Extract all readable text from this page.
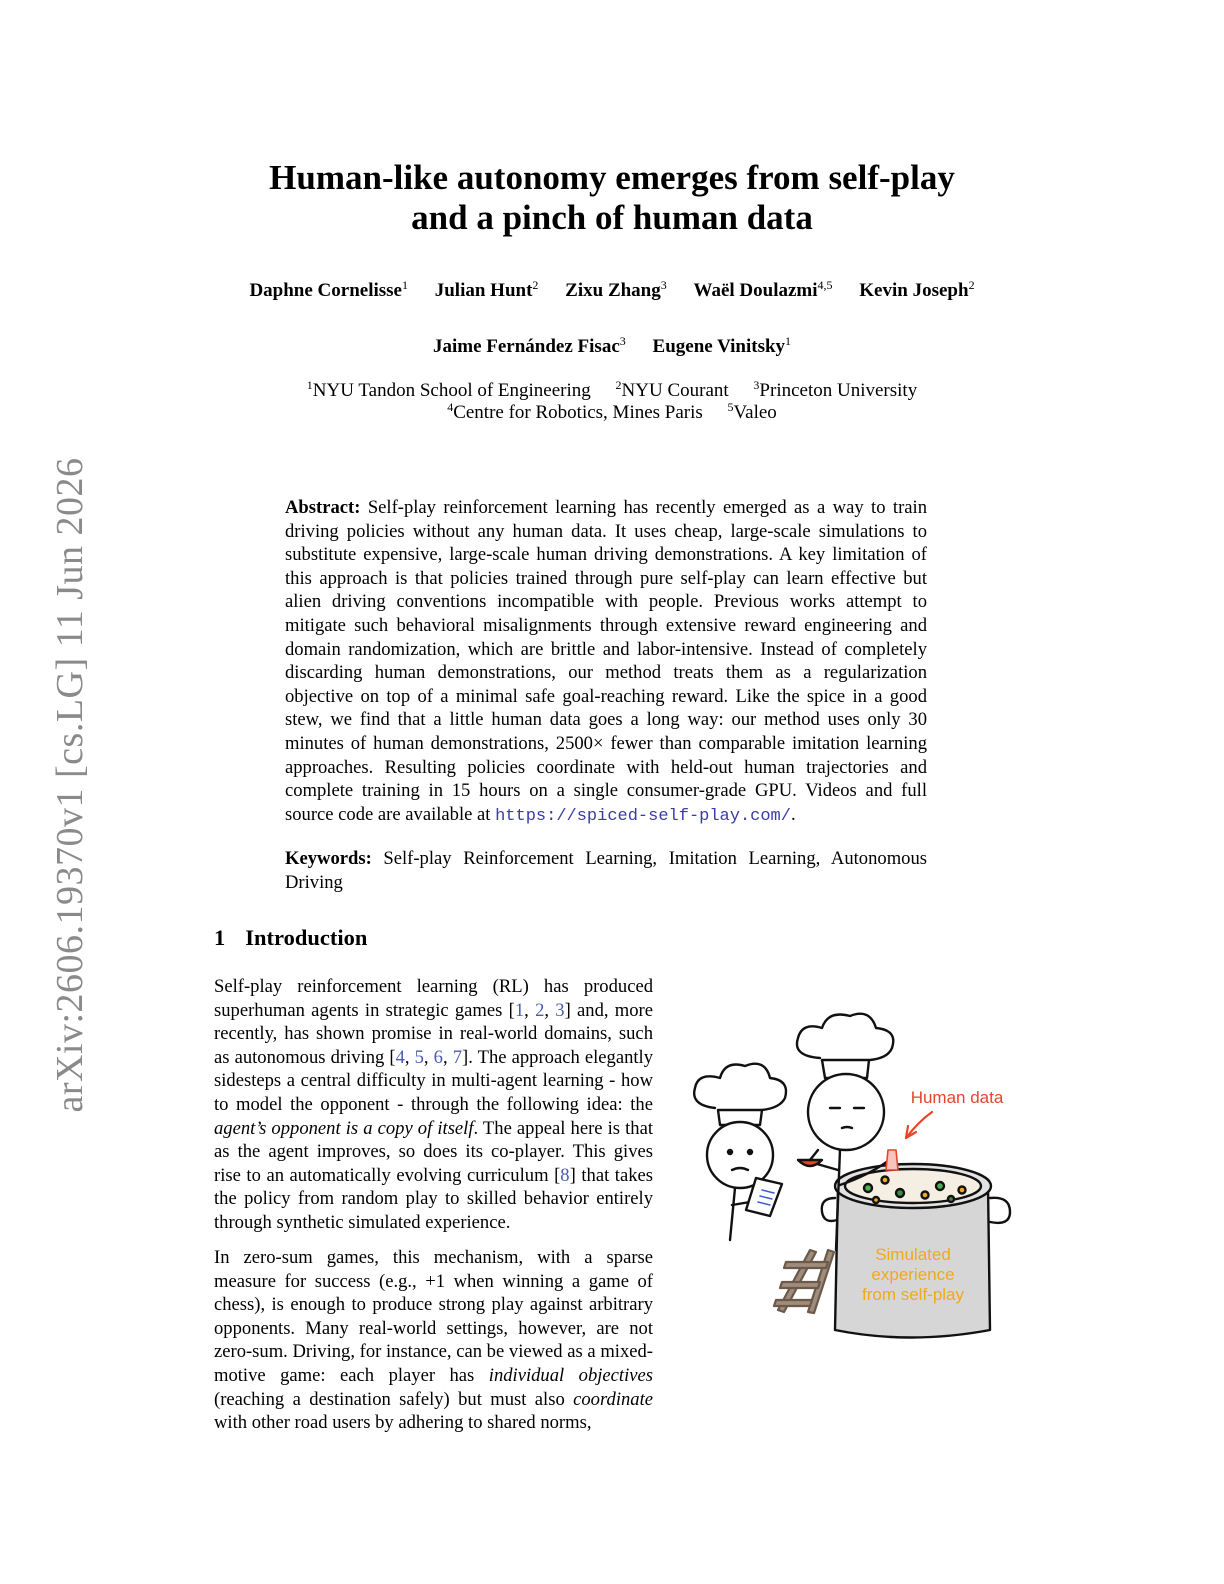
arXiv:2606.19370v1 [cs.LG] 11 Jun 2026
Human-like autonomy emerges from self-play
and a pinch of human data
Daphne Cornelisse$^1$ Julian Hunt$^2$ Zixu Zhang$^3$ Waël Doulazmi$^{4,5}$ Kevin Joseph$^2$
Jaime Fernández Fisac$^3$ Eugene Vinitsky$^1$
$^1$NYU Tandon School of Engineering $^2$NYU Courant $^3$Princeton University
$^4$Centre for Robotics, Mines Paris $^5$Valeo
Abstract: Self-play reinforcement learning has recently emerged as a way to train driving policies without any human data. It uses cheap, large-scale simulations to substitute expensive, large-scale human driving demonstrations. A key limitation of this approach is that policies trained through pure self-play can learn effective but alien driving conventions incompatible with people. Previous works attempt to mitigate such behavioral misalignments through extensive reward engineering and domain randomization, which are brittle and labor-intensive. Instead of completely discarding human demonstrations, our method treats them as a regularization objective on top of a minimal safe goal-reaching reward. Like the spice in a good stew, we find that a little human data goes a long way: our method uses only 30 minutes of human demonstrations, 2500× fewer than comparable imitation learning approaches. Resulting policies coordinate with held-out human trajectories and complete training in 15 hours on a single consumer-grade GPU. Videos and full source code are available at https://spiced-self-play.com/.
Keywords: Self-play Reinforcement Learning, Imitation Learning, Autonomous Driving
1 Introduction
Self-play reinforcement learning (RL) has produced superhuman agents in strategic games [1, 2, 3] and, more recently, has shown promise in real-world domains, such as autonomous driving [4, 5, 6, 7]. The approach elegantly sidesteps a central difficulty in multi-agent learning - how to model the opponent - through the following idea: the agent’s opponent is a copy of itself. The appeal here is that as the agent improves, so does its co-player. This gives rise to an automatically evolving curriculum [8] that takes the policy from random play to skilled behavior entirely through synthetic simulated experience.
In zero-sum games, this mechanism, with a sparse measure for success (e.g., +1 when winning a game of chess), is enough to produce strong play against arbitrary opponents. Many real-world settings, however, are not zero-sum. Driving, for instance, can be viewed as a mixed-motive game: each player has individual objectives (reaching a destination safely) but must also coordinate with other road users by adhering to shared norms,
Human data
Simulated
experience
from self-play
